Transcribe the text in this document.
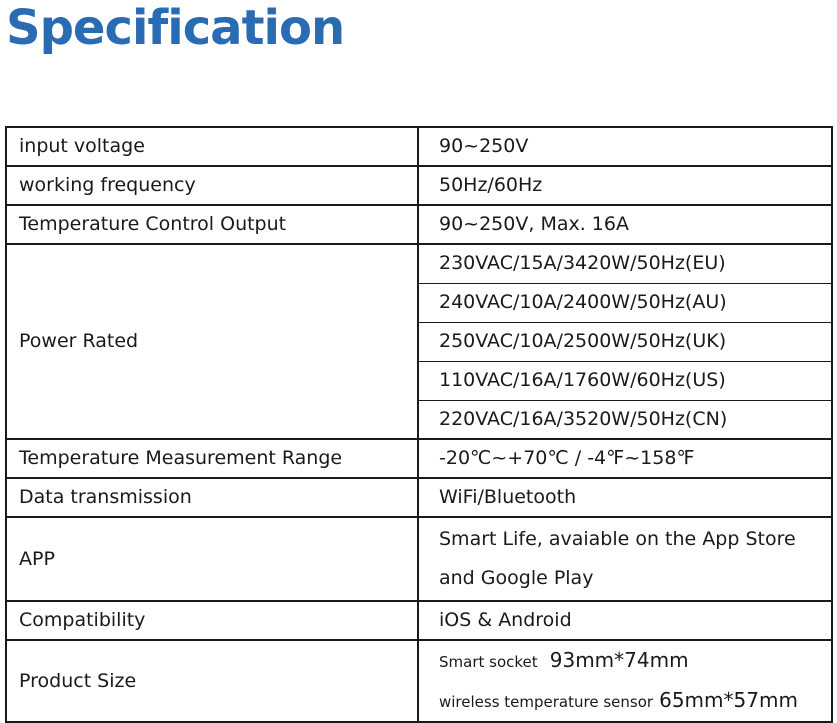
Specification
input voltage	90~250V
working frequency	50Hz/60Hz
Temperature Control Output	90~250V, Max. 16A
Power Rated	230VAC/15A/3420W/50Hz(EU)
	240VAC/10A/2400W/50Hz(AU)
	250VAC/10A/2500W/50Hz(UK)
	110VAC/16A/1760W/60Hz(US)
	220VAC/16A/3520W/50Hz(CN)
Temperature Measurement Range	-20℃~+70℃ / -4℉~158℉
Data transmission	WiFi/Bluetooth
APP	Smart Life, avaiable on the App Store
and Google Play

Compatibility	iOS & Android
Product Size	Smart socket 93mm*74mm
wireless temperature sensor 65mm*57mm
